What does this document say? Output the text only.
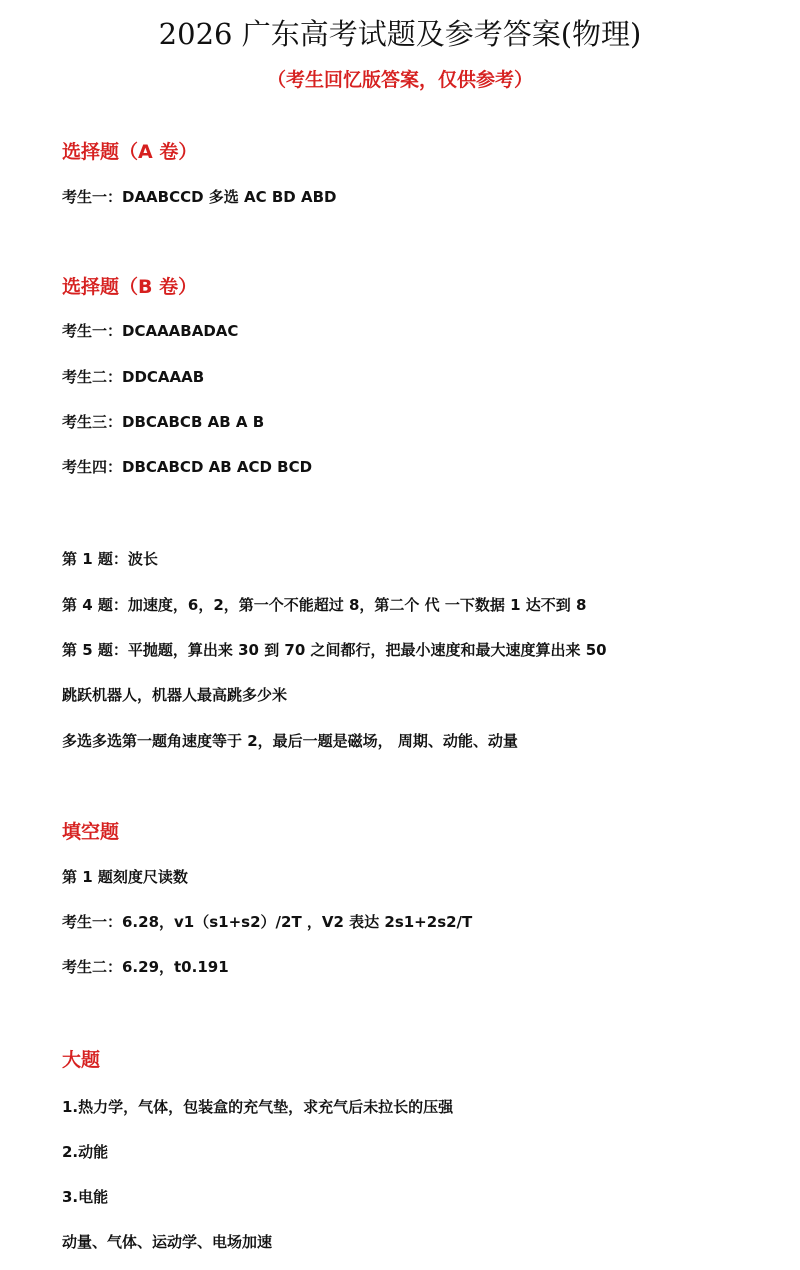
2026 广东高考试题及参考答案(物理)
（考生回忆版答案，仅供参考）
选择题（A 卷）
考生一：DAABCCD 多选 AC BD ABD
选择题（B 卷）
考生一：DCAAABADAC
考生二：DDCAAAB
考生三：DBCABCB AB A B
考生四：DBCABCD AB ACD BCD
第 1 题：波长
第 4 题：加速度，6，2，第一个不能超过 8，第二个 代 一下数据 1 达不到 8
第 5 题：平抛题，算出来 30 到 70 之间都行，把最小速度和最大速度算出来 50
跳跃机器人，机器人最高跳多少米
多选多选第一题角速度等于 2，最后一题是磁场， 周期、动能、动量
填空题
第 1 题刻度尺读数
考生一：6.28，v1（s1+s2）/2T ，V2 表达 2s1+2s2/T
考生二：6.29，t0.191
大题
1.热力学，气体，包装盒的充气垫，求充气后未拉长的压强
2.动能
3.电能
动量、气体、运动学、电场加速
